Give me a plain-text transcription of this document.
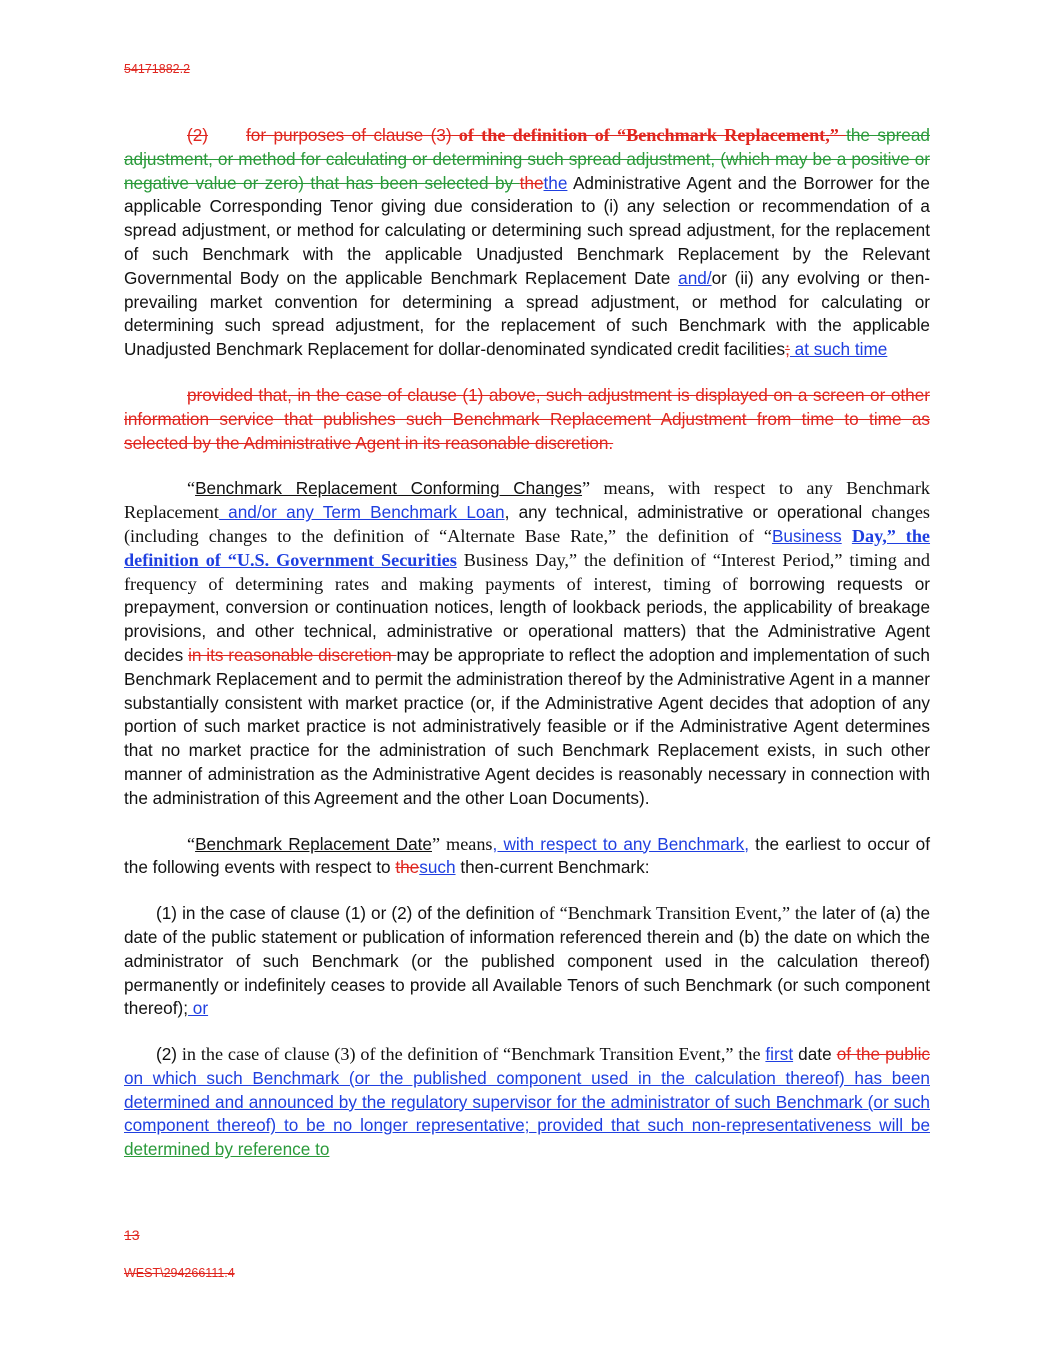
54171882.2

(2) for purposes of clause (3) of the definition of “Benchmark Replacement,” the spread adjustment, or method for calculating or determining such spread adjustment, (which may be a positive or negative value or zero) that has been selected by thethe Administrative Agent and the Borrower for the applicable Corresponding Tenor giving due consideration to (i) any selection or recommendation of a spread adjustment, or method for calculating or determining such spread adjustment, for the replacement of such Benchmark with the applicable Unadjusted Benchmark Replacement by the Relevant Governmental Body on the applicable Benchmark Replacement Date and/or (ii) any evolving or then-prevailing market convention for determining a spread adjustment, or method for calculating or determining such spread adjustment, for the replacement of such Benchmark with the applicable Unadjusted Benchmark Replacement for dollar-denominated syndicated credit facilities; at such time

provided that, in the case of clause (1) above, such adjustment is displayed on a screen or other information service that publishes such Benchmark Replacement Adjustment from time to time as selected by the Administrative Agent in its reasonable discretion.

“Benchmark Replacement Conforming Changes” means, with respect to any Benchmark Replacement and/or any Term Benchmark Loan, any technical, administrative or operational changes (including changes to the definition of “Alternate Base Rate,” the definition of “Business Day,” the definition of “U.S. Government Securities Business Day,” the definition of “Interest Period,” timing and frequency of determining rates and making payments of interest, timing of borrowing requests or prepayment, conversion or continuation notices, length of lookback periods, the applicability of breakage provisions, and other technical, administrative or operational matters) that the Administrative Agent decides in its reasonable discretion may be appropriate to reflect the adoption and implementation of such Benchmark Replacement and to permit the administration thereof by the Administrative Agent in a manner substantially consistent with market practice (or, if the Administrative Agent decides that adoption of any portion of such market practice is not administratively feasible or if the Administrative Agent determines that no market practice for the administration of such Benchmark Replacement exists, in such other manner of administration as the Administrative Agent decides is reasonably necessary in connection with the administration of this Agreement and the other Loan Documents).

“Benchmark Replacement Date” means, with respect to any Benchmark, the earliest to occur of the following events with respect to thesuch then-current Benchmark:

(1) in the case of clause (1) or (2) of the definition of “Benchmark Transition Event,” the later of (a) the date of the public statement or publication of information referenced therein and (b) the date on which the administrator of such Benchmark (or the published component used in the calculation thereof) permanently or indefinitely ceases to provide all Available Tenors of such Benchmark (or such component thereof); or

(2) in the case of clause (3) of the definition of “Benchmark Transition Event,” the first date of the public on which such Benchmark (or the published component used in the calculation thereof) has been determined and announced by the regulatory supervisor for the administrator of such Benchmark (or such component thereof) to be no longer representative; provided that such non-representativeness will be determined by reference to

13
WEST\294266111.4
